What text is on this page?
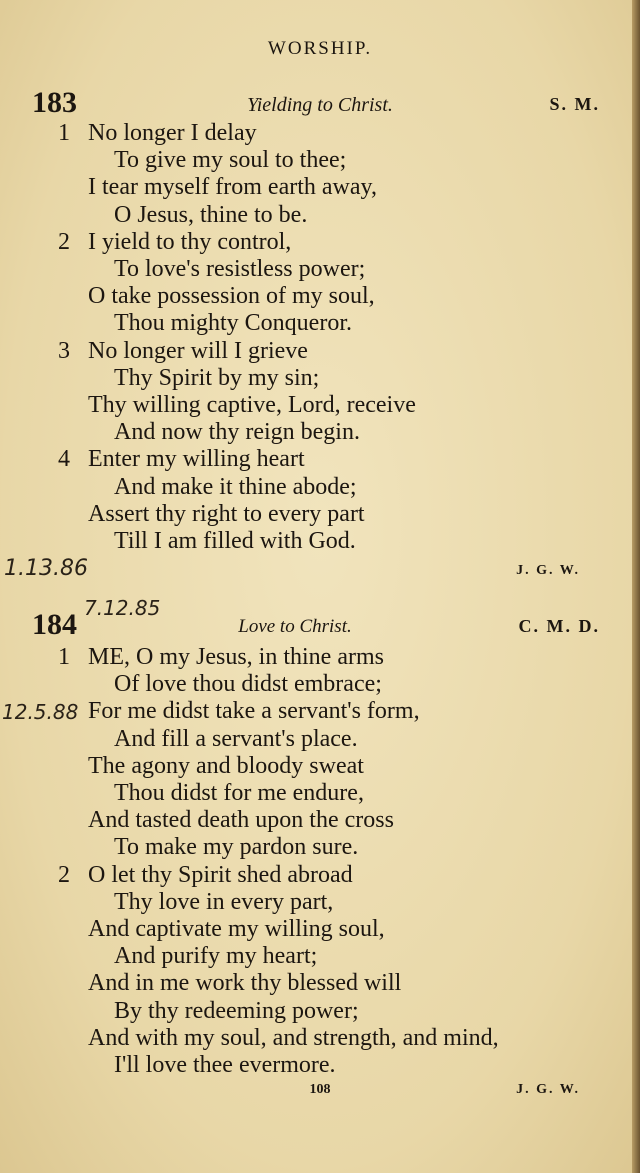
WORSHIP.
183	Yielding to Christ.	S. M.
No longer I delay
1
To give my soul to thee;
I tear myself from earth away,
O Jesus, thine to be.
I yield to thy control,
2
To love's resistless power;
O take possession of my soul,
Thou mighty Conqueror.
No longer will I grieve
3
Thy Spirit by my sin;
Thy willing captive, Lord, receive
And now thy reign begin.
Enter my willing heart
4
And make it thine abode;
Assert thy right to every part
Till I am filled with God.
J. G. W.
1.13.86
184	Love to Christ.	C. M. D.
7.12.85
12.5.88
ME, O my Jesus, in thine arms
1
Of love thou didst embrace;
For me didst take a servant's form,
And fill a servant's place.
The agony and bloody sweat
Thou didst for me endure,
And tasted death upon the cross
To make my pardon sure.
O let thy Spirit shed abroad
2
Thy love in every part,
And captivate my willing soul,
And purify my heart;
And in me work thy blessed will
By thy redeeming power;
And with my soul, and strength, and mind,
I'll love thee evermore.
J. G. W.
108
